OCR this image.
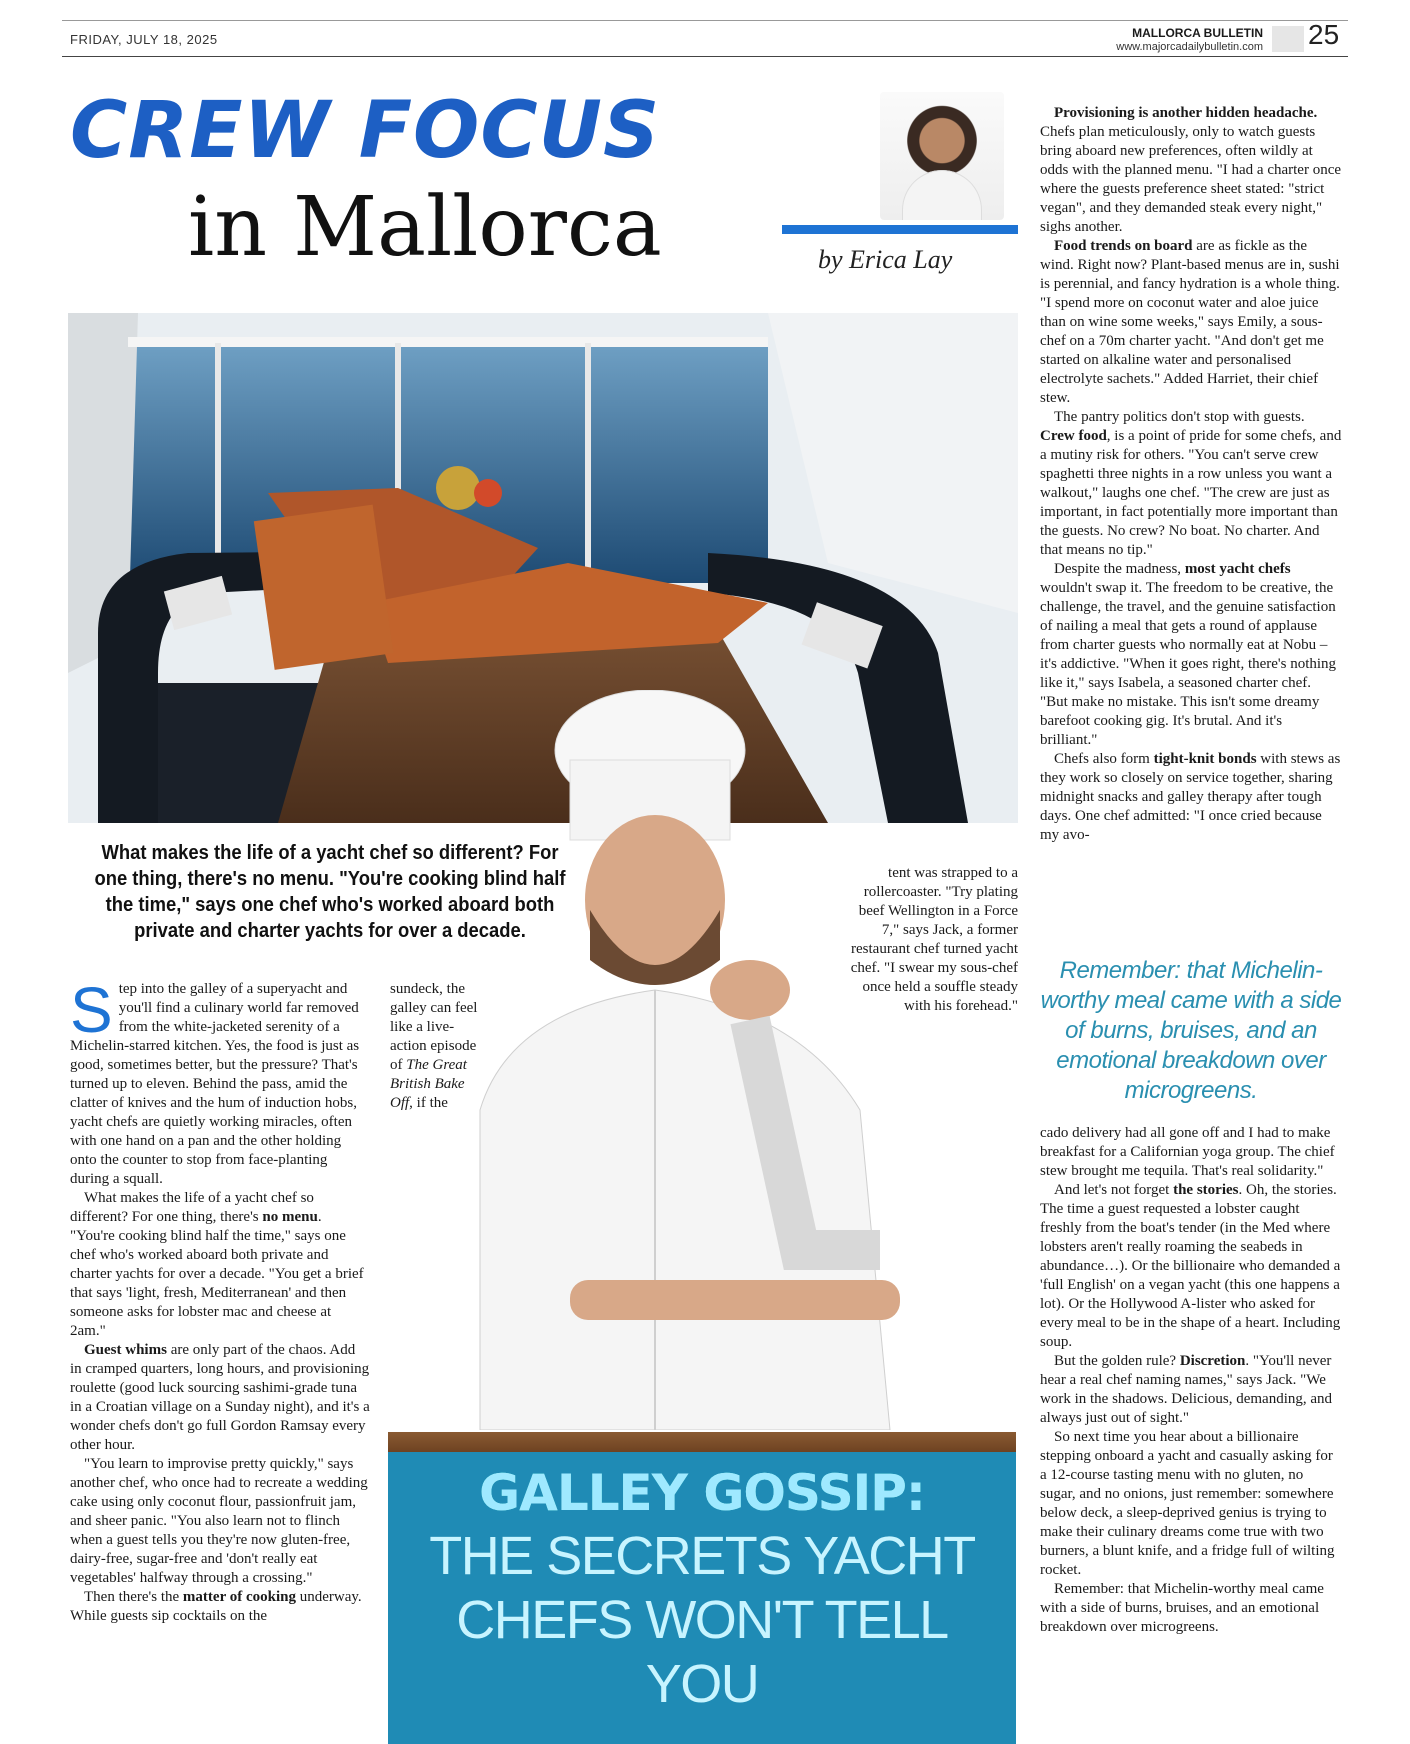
FRIDAY, JULY 18, 2025	MALLORCA BULLETIN
www.majorcadailybulletin.com 25
CREW FOCUS
in Mallorca	by Erica Lay
What makes the life of a yacht chef so different? For one thing, there's no menu. "You're cooking blind half the time," says one chef who's worked aboard both private and charter yachts for over a decade.

Step into the galley of a superyacht and you'll find a culinary world far removed from the white-jacketed serenity of a Michelin-starred kitchen. Yes, the food is just as good, sometimes better, but the pressure? That's turned up to eleven. Behind the pass, amid the clatter of knives and the hum of induction hobs, yacht chefs are quietly working miracles, often with one hand on a pan and the other holding onto the counter to stop from face-planting during a squall.

What makes the life of a yacht chef so different? For one thing, there's no menu. "You're cooking blind half the time," says one chef who's worked aboard both private and charter yachts for over a decade. "You get a brief that says 'light, fresh, Mediterranean' and then someone asks for lobster mac and cheese at 2am."

Guest whims are only part of the chaos. Add in cramped quarters, long hours, and provisioning roulette (good luck sourcing sashimi-grade tuna in a Croatian village on a Sunday night), and it's a wonder chefs don't go full Gordon Ramsay every other hour.

"You learn to improvise pretty quickly," says another chef, who once had to recreate a wedding cake using only coconut flour, passionfruit jam, and sheer panic. "You also learn not to flinch when a guest tells you they're now gluten-free, dairy-free, sugar-free and 'don't really eat vegetables' halfway through a crossing."

Then there's the matter of cooking underway. While guests sip cocktails on the

sundeck, the galley can feel like a live-action episode of The Great British Bake Off, if the

tent was strapped to a rollercoaster. "Try plating beef Wellington in a Force 7," says Jack, a former restaurant chef turned yacht chef. "I swear my sous-chef once held a souffle steady with his forehead."

Provisioning is another hidden headache. Chefs plan meticulously, only to watch guests bring aboard new preferences, often wildly at odds with the planned menu. "I had a charter once where the guests preference sheet stated: "strict vegan", and they demanded steak every night," sighs another.

Food trends on board are as fickle as the wind. Right now? Plant-based menus are in, sushi is perennial, and fancy hydration is a whole thing. "I spend more on coconut water and aloe juice than on wine some weeks," says Emily, a sous-chef on a 70m charter yacht. "And don't get me started on alkaline water and personalised electrolyte sachets." Added Harriet, their chief stew.

The pantry politics don't stop with guests. Crew food, is a point of pride for some chefs, and a mutiny risk for others. "You can't serve crew spaghetti three nights in a row unless you want a walkout," laughs one chef. "The crew are just as important, in fact potentially more important than the guests. No crew? No boat. No charter. And that means no tip."

Despite the madness, most yacht chefs wouldn't swap it. The freedom to be creative, the challenge, the travel, and the genuine satisfaction of nailing a meal that gets a round of applause from charter guests who normally eat at Nobu – it's addictive. "When it goes right, there's nothing like it," says Isabela, a seasoned charter chef. "But make no mistake. This isn't some dreamy barefoot cooking gig. It's brutal. And it's brilliant."

Chefs also form tight-knit bonds with stews as they work so closely on service together, sharing midnight snacks and galley therapy after tough days. One chef admitted: "I once cried because my avo-

Remember: that Michelin-worthy meal came with a side of burns, bruises, and an emotional breakdown over microgreens.

cado delivery had all gone off and I had to make breakfast for a Californian yoga group. The chief stew brought me tequila. That's real solidarity."

And let's not forget the stories. Oh, the stories. The time a guest requested a lobster caught freshly from the boat's tender (in the Med where lobsters aren't really roaming the seabeds in abundance…). Or the billionaire who demanded a 'full English' on a vegan yacht (this one happens a lot). Or the Hollywood A-lister who asked for every meal to be in the shape of a heart. Including soup.

But the golden rule? Discretion. "You'll never hear a real chef naming names," says Jack. "We work in the shadows. Delicious, demanding, and always just out of sight."

So next time you hear about a billionaire stepping onboard a yacht and casually asking for a 12-course tasting menu with no gluten, no sugar, and no onions, just remember: somewhere below deck, a sleep-deprived genius is trying to make their culinary dreams come true with two burners, a blunt knife, and a fridge full of wilting rocket.

Remember: that Michelin-worthy meal came with a side of burns, bruises, and an emotional breakdown over microgreens.

GALLEY GOSSIP:
THE SECRETS YACHT CHEFS WON'T TELL YOU
